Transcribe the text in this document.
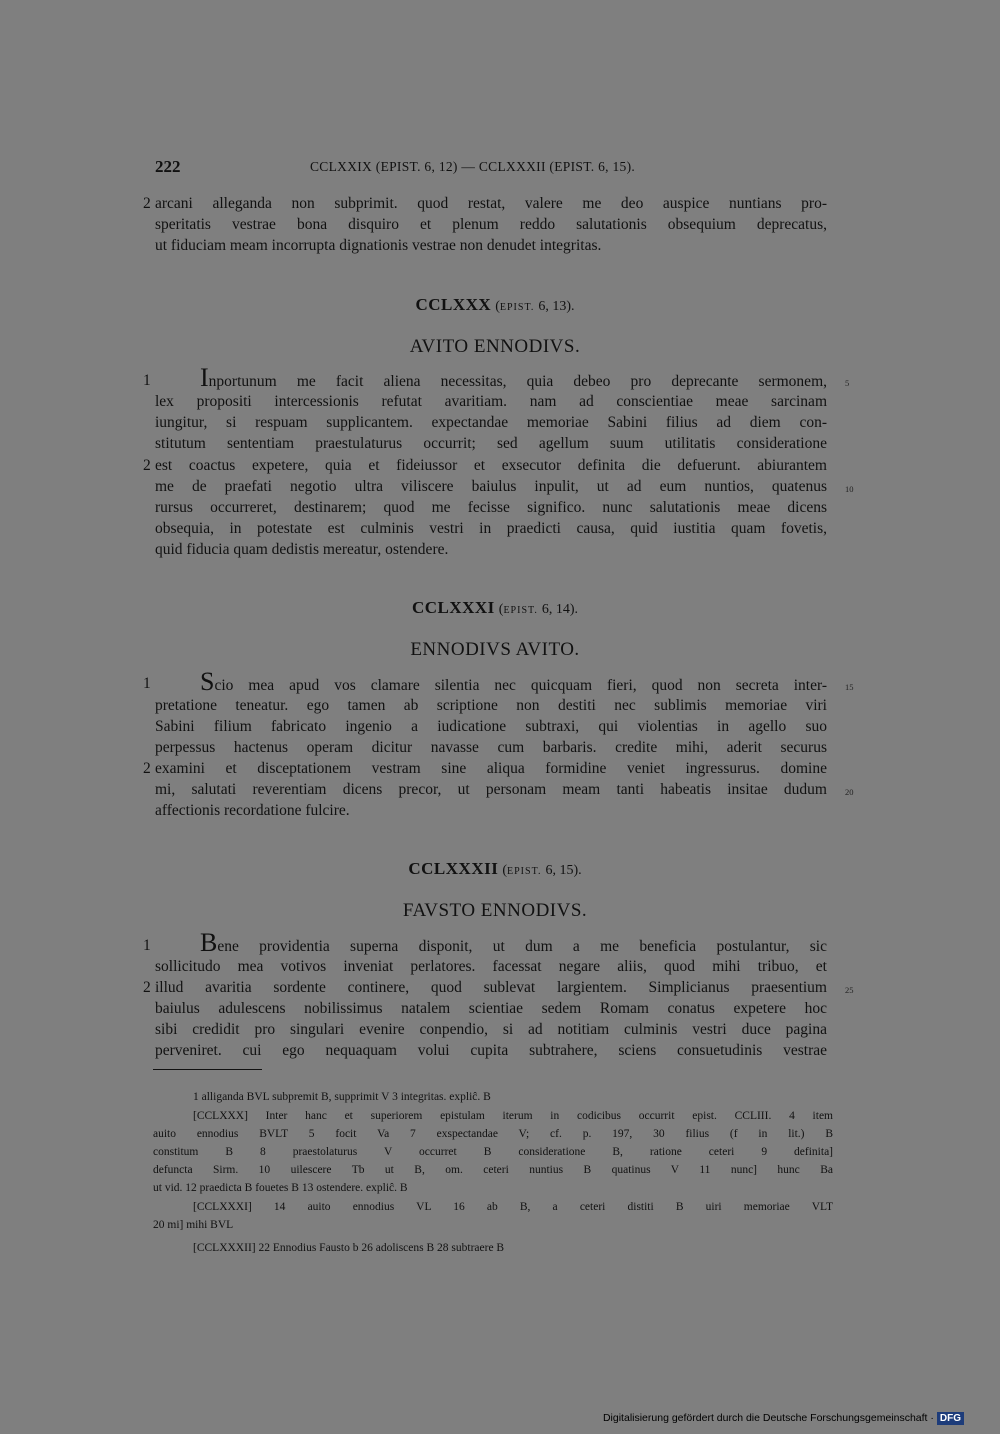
222	CCLXXIX (EPIST. 6, 12) — CCLXXXII (EPIST. 6, 15).
2 arcani alleganda non subprimit. quod restat, valere me deo auspice nuntians pro-
speritatis vestrae bona disquiro et plenum reddo salutationis obsequium deprecatus,
ut fiduciam meam incorrupta dignationis vestrae non denudet integritas.
CCLXXX (EPIST. 6, 13).
AVITO ENNODIVS.
1	Inportunum me facit aliena necessitas, quia debeo pro deprecante sermonem, 5
lex propositi intercessionis refutat avaritiam. nam ad conscientiae meae sarcinam
iungitur, si respuam supplicantem. expectandae memoriae Sabini filius ad diem con-
stitutum sententiam praestulaturus occurrit; sed agellum suum utilitatis consideratione
2 est coactus expetere, quia et fideiussor et exsecutor definita die defuerunt. abiurantem
me de praefati negotio ultra viliscere baiulus inpulit, ut ad eum nuntios, quatenus 10
rursus occurreret, destinarem; quod me fecisse significo. nunc salutationis meae dicens
obsequia, in potestate est culminis vestri in praedicti causa, quid iustitia quam fovetis,
quid fiducia quam dedistis mereatur, ostendere.
CCLXXXI (EPIST. 6, 14).
ENNODIVS AVITO.
1	Scio mea apud vos clamare silentia nec quicquam fieri, quod non secreta inter- 15
pretatione teneatur. ego tamen ab scriptione non destiti nec sublimis memoriae viri
Sabini filium fabricato ingenio a iudicatione subtraxi, qui violentias in agello suo
perpessus hactenus operam dicitur navasse cum barbaris. credite mihi, aderit securus
2 examini et disceptationem vestram sine aliqua formidine veniet ingressurus. domine
mi, salutati reverentiam dicens precor, ut personam meam tanti habeatis insitae dudum 20
affectionis recordatione fulcire.
CCLXXXII (EPIST. 6, 15).
FAVSTO ENNODIVS.
1	Bene providentia superna disponit, ut dum a me beneficia postulantur, sic
sollicitudo mea votivos inveniat perlatores. facessat negare aliis, quod mihi tribuo, et
2 illud avaritia sordente continere, quod sublevat largientem. Simplicianus praesentium 25
baiulus adulescens nobilissimus natalem scientiae sedem Romam conatus expetere hoc
sibi credidit pro singulari evenire conpendio, si ad notitiam culminis vestri duce pagina
perveniret. cui ego nequaquam volui cupita subtrahere, sciens consuetudinis vestrae
1 alliganda BVL subpremit B, supprimit V 3 integritas. expliĉ. B
[CCLXXX] Inter hanc et superiorem epistulam iterum in codicibus occurrit epist. CCLIII. 4 item
auito ennodius BVLT 5 focit Va 7 exspectandae V; cf. p. 197, 30 filius (f in lit.) B
constitum B 8 praestolaturus V occurret B consideratione B, ratione ceteri 9 definita]
defuncta Sirm. 10 uilescere Tb ut B, om. ceteri nuntius B quatinus V 11 nunc] hunc Ba
ut vid. 12 praedicta B fouetes B 13 ostendere. expliĉ. B
[CCLXXXI] 14 auito ennodius VL 16 ab B, a ceteri distiti B uiri memoriae VLT
20 mi] mihi BVL
[CCLXXXII] 22 Ennodius Fausto b 26 adoliscens B 28 subtraere B
Digitalisierung gefördert durch die Deutsche Forschungsgemeinschaft · DFG
